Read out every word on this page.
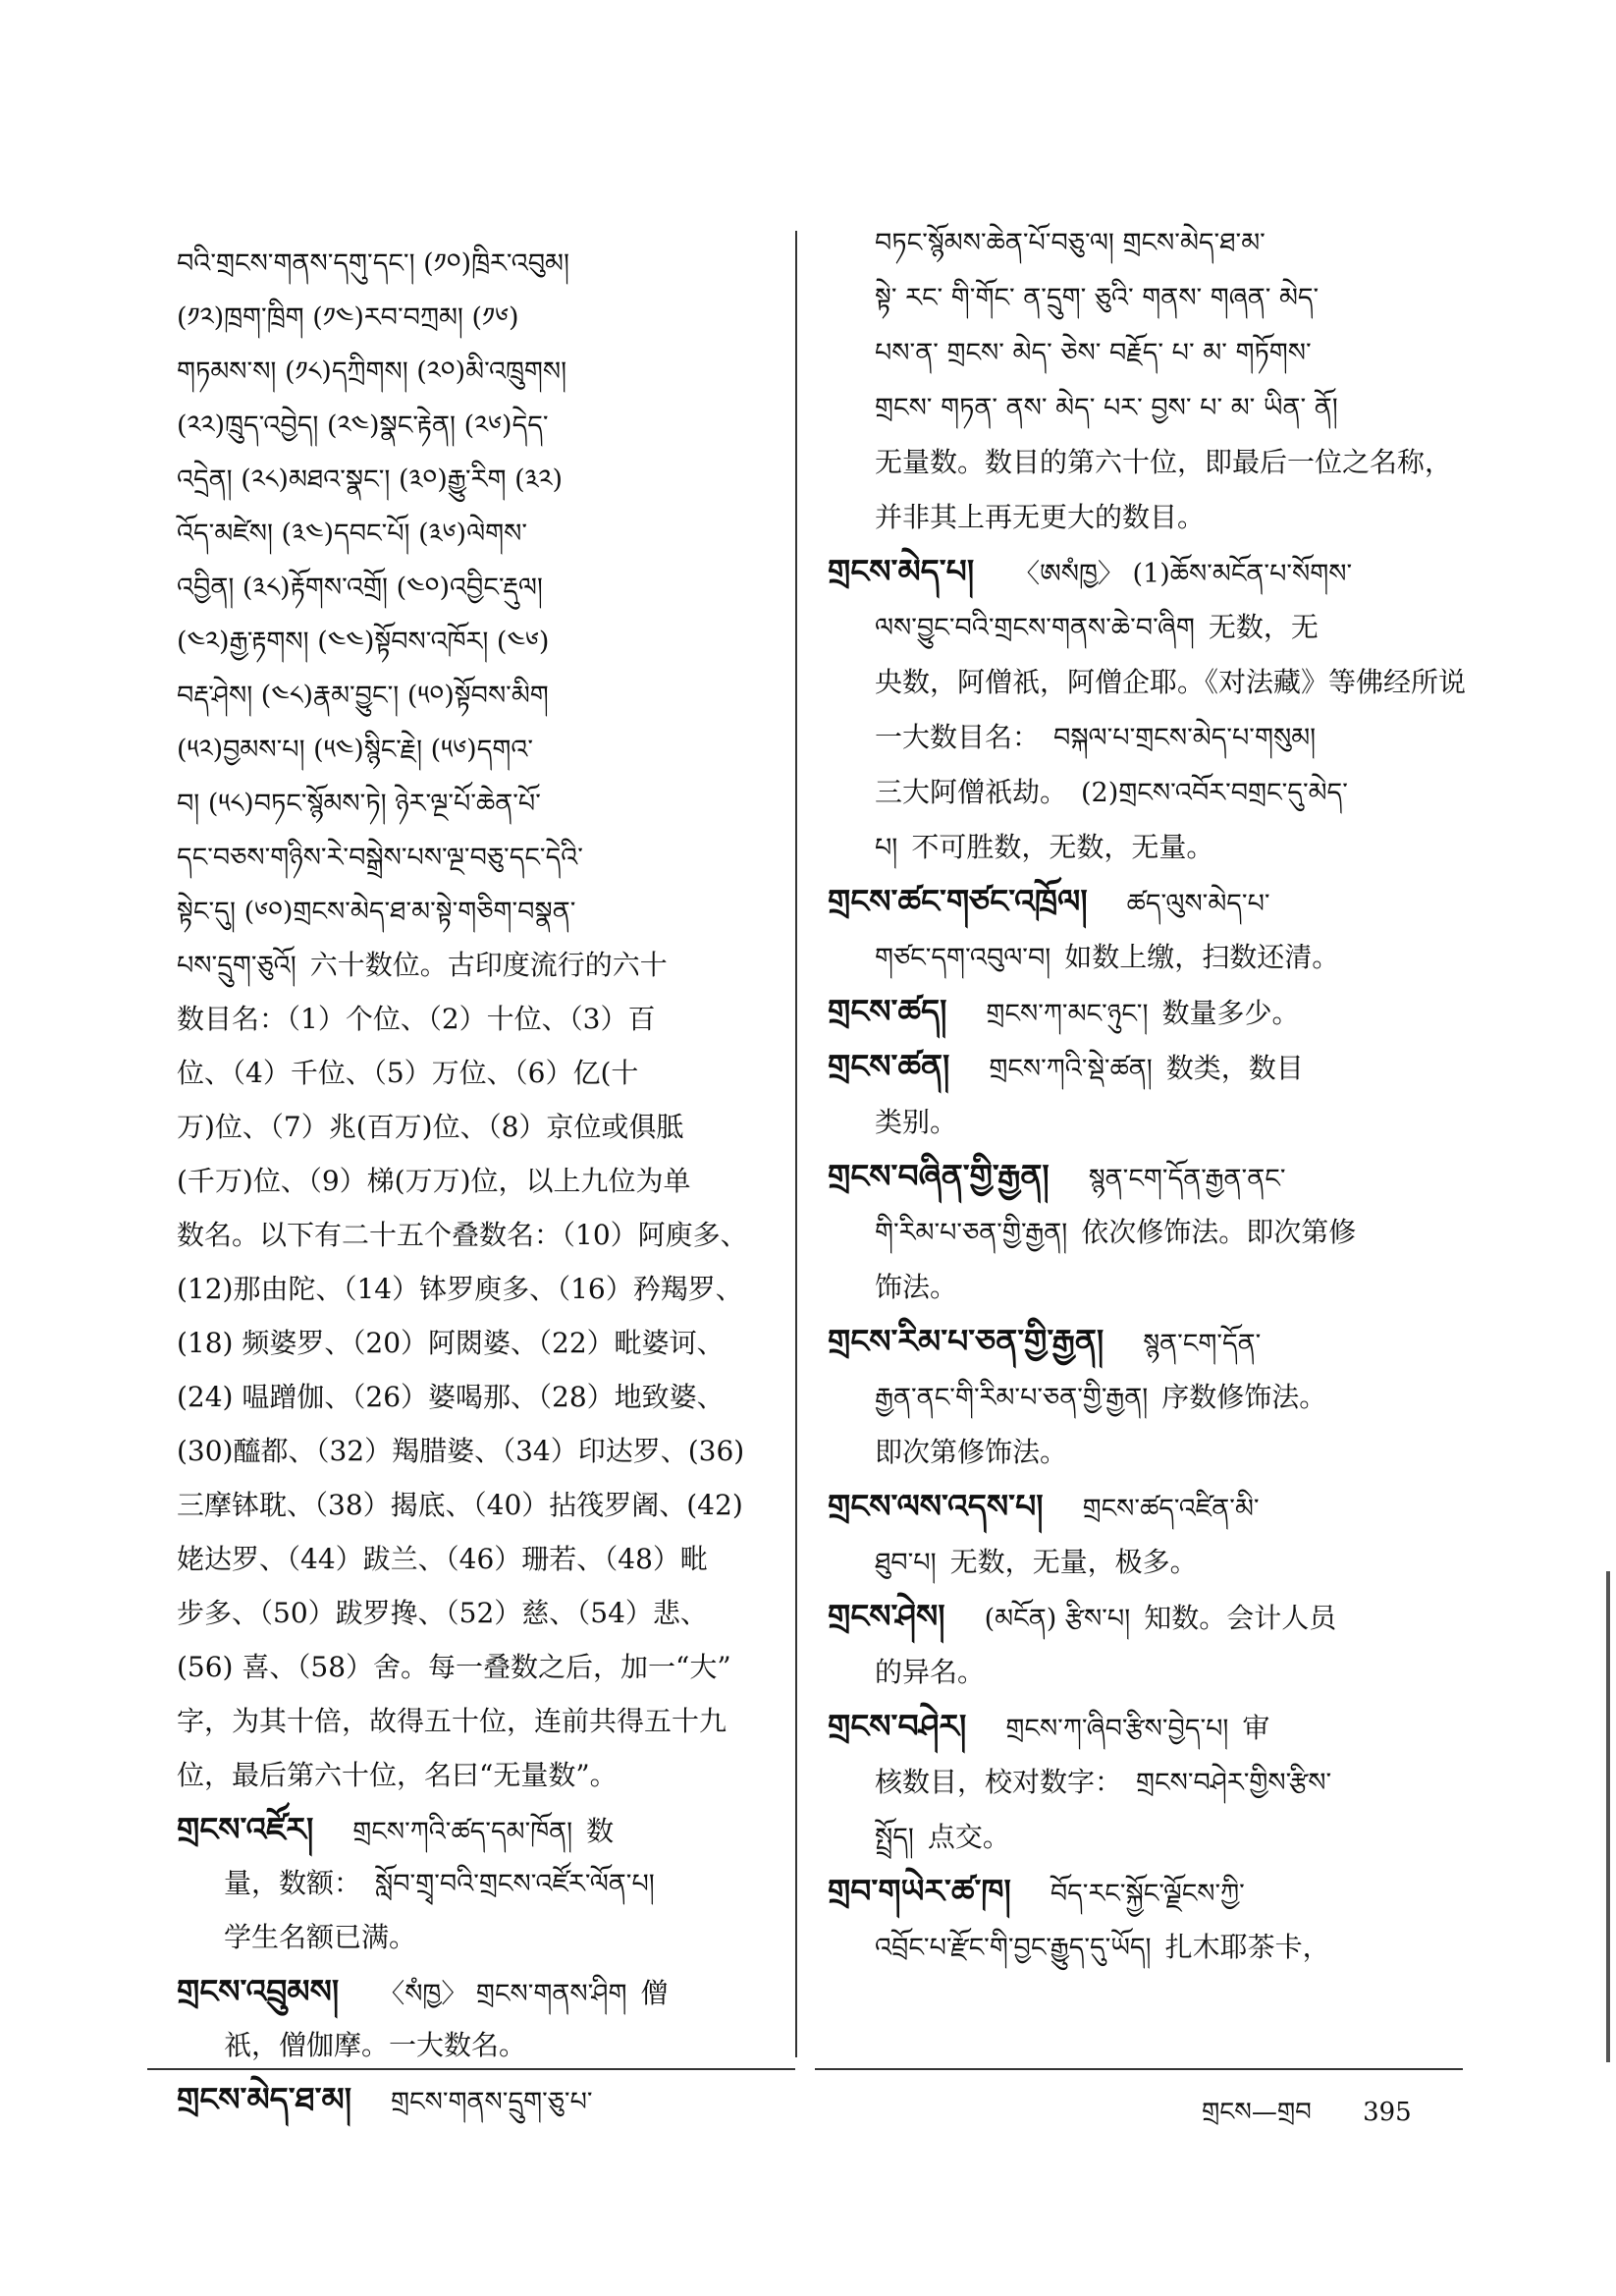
བའི་གྲངས་གནས་དགུ་དང་། (༡༠)ཁྲིར་འབུམ།
(༡༢)ཁྲག་ཁྲིག (༡༤)རབ་བཀྲམ། (༡༦)
གཏམས་ས། (༡༨)དཀྲིགས། (༢༠)མི་འཁྲུགས།
(༢༢)ཁྲུད་འབྱེད། (༢༤)སྣང་རྟེན། (༢༦)དེད་
འདྲེན། (༢༨)མཐའ་སྣང་། (༣༠)རྒྱུ་རིག (༣༢)
འོད་མཛེས། (༣༤)དབང་པོ། (༣༦)ལེགས་
འབྱིན། (༣༨)རྟོགས་འགྲོ། (༤༠)འབྱིང་རྡུལ།
(༤༢)རྒྱ་རྟགས། (༤༤)སྟོབས་འཁོར། (༤༦)
བརྡ་ཤེས། (༤༨)རྣམ་བྱུང་། (༥༠)སྟོབས་མིག
(༥༢)བྱམས་པ། (༥༤)སྙིང་རྗེ། (༥༦)དགའ་
བ། (༥༨)བཏང་སྙོམས་ཏེ། ཉེར་ལྔ་པོ་ཆེན་པོ་
དང་བཅས་གཉིས་རེ་བསྒྲེས་པས་ལྔ་བཅུ་དང་དེའི་
སྟེང་དུ། (༦༠)གྲངས་མེད་ཐ་མ་སྟེ་གཅིག་བསྣན་
པས་དྲུག་ཅུའོ། 六十数位。古印度流行的六十
数目名：（1）个位、（2）十位、（3）百
位、（4）千位、（5）万位、（6）亿(十
万)位、（7）兆(百万)位、（8）京位或俱胝
(千万)位、（9）梯(万万)位，以上九位为单
数名。以下有二十五个叠数名：（10）阿庾多、
(12)那由陀、（14）钵罗庾多、（16）矜羯罗、
(18) 频婆罗、（20）阿閦婆、（22）毗婆诃、
(24) 嗢蹭伽、（26）婆喝那、（28）地致婆、
(30)醯都、（32）羯腊婆、（34）印达罗、(36)
三摩钵耽、（38）揭底、（40）拈筏罗阇、(42)
姥达罗、（44）跋兰、（46）珊若、（48）毗
步多、（50）跋罗搀、（52）慈、（54）悲、
(56) 喜、（58）舍。每一叠数之后，加一“大”
字，为其十倍，故得五十位，连前共得五十九
位，最后第六十位，名曰“无量数”。
གྲངས་འཛོར། གྲངས་ཀའི་ཚད་དམ་ཁོན། 数
量，数额： སློབ་གྲྭ་བའི་གྲངས་འཛོར་ལོན་པ།
学生名额已满。
གྲངས་འབྲུམས། 〈སཾཁྱ〉 གྲངས་གནས་ཤིག 僧
祇，僧伽摩。一大数名。
གྲངས་མེད་ཐ་མ། གྲངས་གནས་དྲུག་ཅུ་པ་
བཏང་སྙོམས་ཆེན་པོ་བཅུ་ལ། གྲངས་མེད་ཐ་མ་
སྟེ་ རང་ གི་གོང་ ན་དྲུག་ ཅུའི་ གནས་ གཞན་ མེད་
པས་ན་ གྲངས་ མེད་ ཅེས་ བརྗོད་ པ་ མ་ གཏོགས་
གྲངས་ གཏན་ ནས་ མེད་ པར་ བྱས་ པ་ མ་ ཡིན་ ནོ།
无量数。数目的第六十位，即最后一位之名称，
并非其上再无更大的数目。
གྲངས་མེད་པ། 〈ཨསཾཁྱ〉 (1)ཆོས་མངོན་པ་སོགས་
ལས་བྱུང་བའི་གྲངས་གནས་ཆེ་བ་ཞིག 无数，无
央数，阿僧祇，阿僧企耶。《对法藏》等佛经所说
一大数目名： བསྐལ་པ་གྲངས་མེད་པ་གསུམ།
三大阿僧祇劫。 (2)གྲངས་འབོར་བགྲང་དུ་མེད་
པ། 不可胜数，无数，无量。
གྲངས་ཚང་གཙང་འཁྲོལ། ཚད་ལུས་མེད་པ་
གཙང་དག་འབུལ་བ། 如数上缴，扫数还清。
གྲངས་ཚད། གྲངས་ཀ་མང་ཉུང་། 数量多少。
གྲངས་ཚན། གྲངས་ཀའི་སྡེ་ཚན། 数类，数目
类别。
གྲངས་བཞིན་གྱི་རྒྱན། སྙན་ངག་དོན་རྒྱན་ནང་
གི་རིམ་པ་ཅན་གྱི་རྒྱན། 依次修饰法。即次第修
饰法。
གྲངས་རིམ་པ་ཅན་གྱི་རྒྱན། སྙན་ངག་དོན་
རྒྱན་ནང་གི་རིམ་པ་ཅན་གྱི་རྒྱན། 序数修饰法。
即次第修饰法。
གྲངས་ལས་འདས་པ། གྲངས་ཚད་འཛིན་མི་
ཐུབ་པ། 无数，无量，极多。
གྲངས་ཤེས། (མངོན) རྩིས་པ། 知数。会计人员
的异名。
གྲངས་བཤེར། གྲངས་ཀ་ཞིབ་རྩིས་བྱེད་པ། 审
核数目，校对数字： གྲངས་བཤེར་གྱིས་རྩིས་
སྤྲོད། 点交。
གྲབ་གཡེར་ཚ་ཁ། བོད་རང་སྐྱོང་ལྗོངས་ཀྱི་
འབྲོང་པ་རྫོང་གི་བྱང་རྒྱུད་དུ་ཡོད། 扎木耶茶卡，
གྲངས—གྲབ 395
